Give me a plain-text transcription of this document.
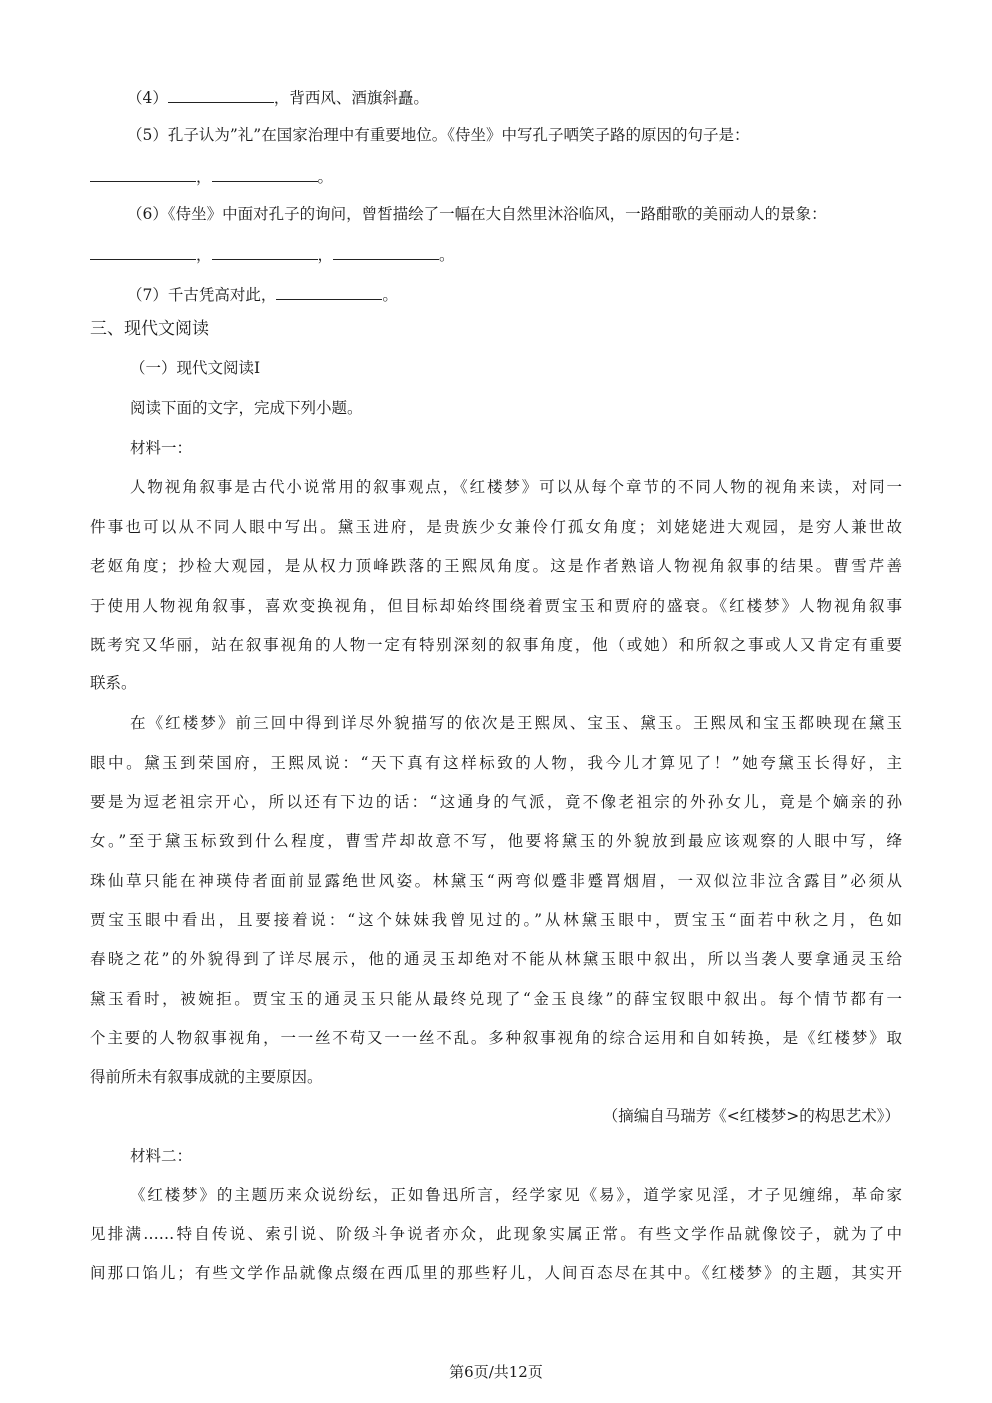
（4）	，背西风、酒旗斜矗。
（5）孔子认为”礼”在国家治理中有重要地位。《侍坐》中写孔子哂笑子路的原因的句子是：
，	。
（6）《侍坐》中面对孔子的询问，曾皙描绘了一幅在大自然里沐浴临风，一路酣歌的美丽动人的景象：
，	，	。
（7）千古凭高对此，	。
三、现代文阅读
（一）现代文阅读Ⅰ
阅读下面的文字，完成下列小题。
材料一：
人物视角叙事是古代小说常用的叙事观点，《红楼梦》可以从每个章节的不同人物的视角来读，对同一
件事也可以从不同人眼中写出。黛玉进府，是贵族少女兼伶仃孤女角度；刘姥姥进大观园，是穷人兼世故
老妪角度；抄检大观园，是从权力顶峰跌落的王熙凤角度。这是作者熟谙人物视角叙事的结果。曹雪芹善
于使用人物视角叙事，喜欢变换视角，但目标却始终围绕着贾宝玉和贾府的盛衰。《红楼梦》人物视角叙事
既考究又华丽，站在叙事视角的人物一定有特别深刻的叙事角度，他（或她）和所叙之事或人又肯定有重要
联系。
在《红楼梦》前三回中得到详尽外貌描写的依次是王熙凤、宝玉、黛玉。王熙凤和宝玉都映现在黛玉
眼中。黛玉到荣国府，王熙凤说：“天下真有这样标致的人物，我今儿才算见了！”她夸黛玉长得好，主
要是为逗老祖宗开心，所以还有下边的话：“这通身的气派，竟不像老祖宗的外孙女儿，竟是个嫡亲的孙
女。”至于黛玉标致到什么程度，曹雪芹却故意不写，他要将黛玉的外貌放到最应该观察的人眼中写，绛
珠仙草只能在神瑛侍者面前显露绝世风姿。林黛玉“两弯似蹙非蹙罥烟眉，一双似泣非泣含露目”必须从
贾宝玉眼中看出，且要接着说：“这个妹妹我曾见过的。”从林黛玉眼中，贾宝玉“面若中秋之月，色如
春晓之花”的外貌得到了详尽展示，他的通灵玉却绝对不能从林黛玉眼中叙出，所以当袭人要拿通灵玉给
黛玉看时，被婉拒。贾宝玉的通灵玉只能从最终兑现了“金玉良缘”的薛宝钗眼中叙出。每个情节都有一
个主要的人物叙事视角，一一丝不苟又一一丝不乱。多种叙事视角的综合运用和自如转换，是《红楼梦》取
得前所未有叙事成就的主要原因。
（摘编自马瑞芳《<红楼梦>的构思艺术》）
材料二：
《红楼梦》的主题历来众说纷纭，正如鲁迅所言，经学家见《易》，道学家见淫，才子见缠绵，革命家
见排满……特自传说、索引说、阶级斗争说者亦众，此现象实属正常。有些文学作品就像饺子，就为了中
间那口馅儿；有些文学作品就像点缀在西瓜里的那些籽儿，人间百态尽在其中。《红楼梦》的主题，其实开
第6页/共12页
